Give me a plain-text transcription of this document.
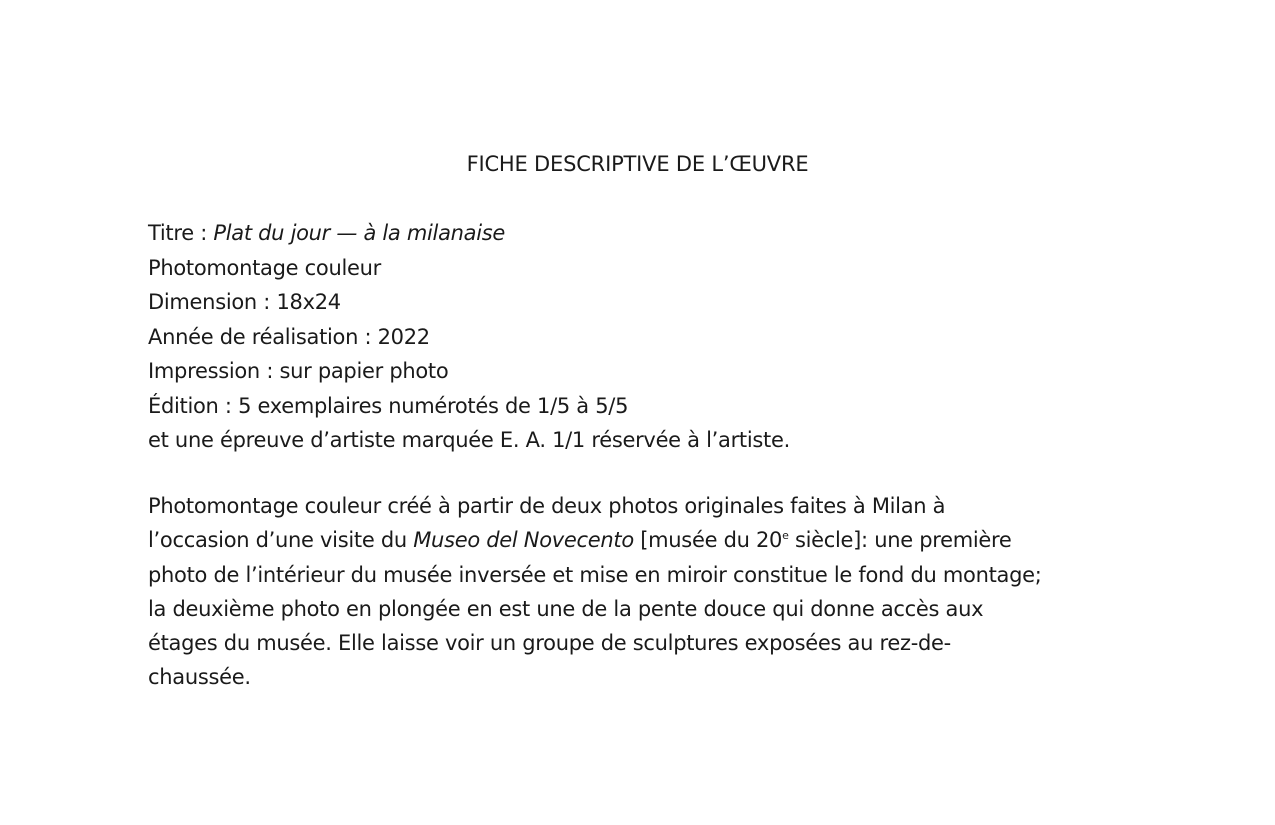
FICHE DESCRIPTIVE DE L’ŒUVRE
Titre : Plat du jour — à la milanaise
Photomontage couleur
Dimension : 18x24
Année de réalisation : 2022
Impression : sur papier photo
Édition : 5 exemplaires numérotés de 1/5 à 5/5
et une épreuve d’artiste marquée E. A. 1/1 réservée à l’artiste.
Photomontage couleur créé à partir de deux photos originales faites à Milan à
l’occasion d’une visite du Museo del Novecento [musée du 20e siècle]: une première
photo de l’intérieur du musée inversée et mise en miroir constitue le fond du montage;
la deuxième photo en plongée en est une de la pente douce qui donne accès aux
étages du musée. Elle laisse voir un groupe de sculptures exposées au rez-de-
chaussée.
